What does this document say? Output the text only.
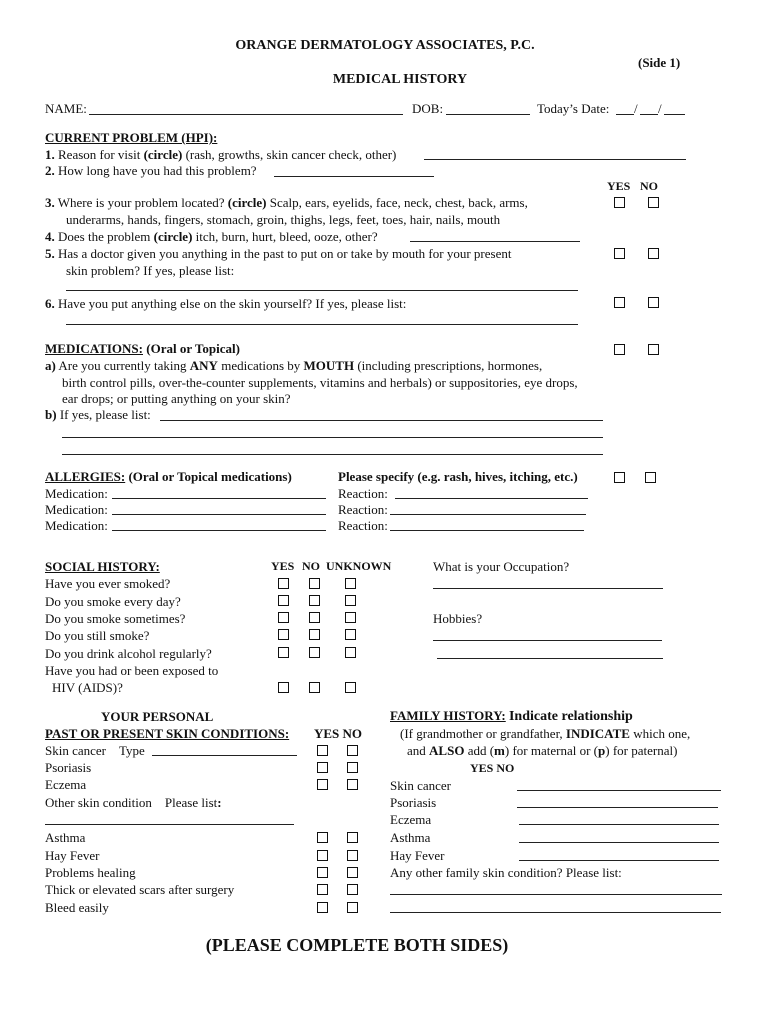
ORANGE DERMATOLOGY ASSOCIATES, P.C.
(Side 1)
MEDICAL HISTORY
NAME:	DOB:	Today’s Date: / /
CURRENT PROBLEM (HPI):
1. Reason for visit (circle) (rash, growths, skin cancer check, other)
2. How long have you had this problem?
YES NO
3. Where is your problem located? (circle) Scalp, ears, eyelids, face, neck, chest, back, arms,
underarms, hands, fingers, stomach, groin, thighs, legs, feet, toes, hair, nails, mouth
4. Does the problem (circle) itch, burn, hurt, bleed, ooze, other?
5. Has a doctor given you anything in the past to put on or take by mouth for your present
skin problem? If yes, please list:
6. Have you put anything else on the skin yourself? If yes, please list:
MEDICATIONS: (Oral or Topical)
a) Are you currently taking ANY medications by MOUTH (including prescriptions, hormones,
birth control pills, over-the-counter supplements, vitamins and herbals) or suppositories, eye drops,
ear drops; or putting anything on your skin?
b) If yes, please list:
ALLERGIES: (Oral or Topical medications)	Please specify (e.g. rash, hives, itching, etc.)
Medication:	Reaction:
Medication:	Reaction:
Medication:	Reaction:
SOCIAL HISTORY:	YES NO UNKNOWN	What is your Occupation?
Hobbies?
Have you ever smoked?
Do you smoke every day?
Do you smoke sometimes?
Do you still smoke?
Do you drink alcohol regularly?
Have you had or been exposed to
HIV (AIDS)?
YOUR PERSONAL
PAST OR PRESENT SKIN CONDITIONS: YES NO
Skin cancer Type
Psoriasis
Eczema
Other skin condition Please list:
Asthma
Hay Fever
Problems healing
Thick or elevated scars after surgery
Bleed easily
FAMILY HISTORY: Indicate relationship
(If grandmother or grandfather, INDICATE which one,
and ALSO add (m) for maternal or (p) for paternal)
YES NO
Skin cancer
Psoriasis
Eczema
Asthma
Hay Fever
Any other family skin condition? Please list:
(PLEASE COMPLETE BOTH SIDES)
